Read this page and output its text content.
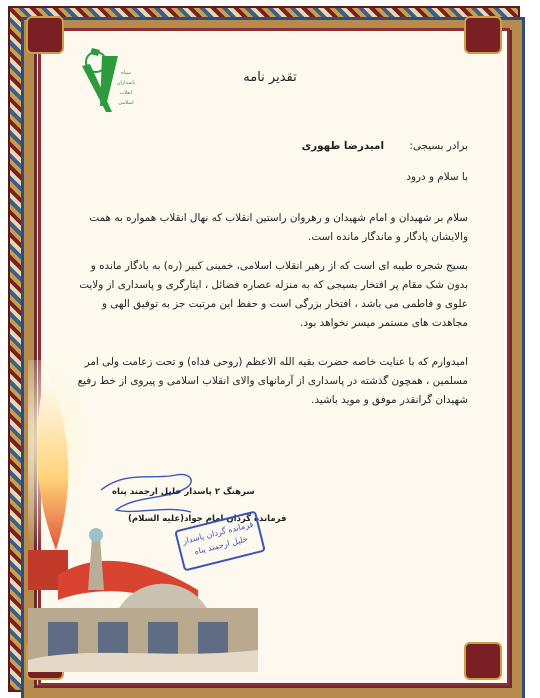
سپاه
پاسداران
انقلاب
اسلامی
تقدیر نامه
برادر بسیجی: امیدرضا طهوری
با سلام و درود
سلام بر شهیدان و امام شهیدان و رهروان راستین انقلاب که نهال انقلاب همواره به همت والایشان پادگار و ماندگار مانده است.
بسیج شجره طیبه ای است که از رهبر انقلاب اسلامی، خمینی کبیر (ره) به یادگار مانده و بدون شک مقام پر افتخار بسیجی که به منزله عصاره فضائل ، ایثارگری و پاسداری از ولایت علوی و فاطمی می باشد ، افتخار بزرگی است و حفظ این مرتبت جز به توفیق الهی و مجاهدت های مستمر میسر نخواهد بود.
امیدوارم که با عنایت خاصه حضرت بقیه الله الاعظم (روحی فداه) و تحت زعامت ولی امر مسلمین ، همچون گذشته در پاسداری از آرمانهای والای انقلاب اسلامی و پیروی از خط رفیع شهیدان گرانقدر موفق و موید باشید.
سرهنگ ۲ پاسدار خلیل ارجمند پناه
فرمانده گردان امام جواد(علیه السلام)
فرمانده گردان پاسدار خلیل ارجمند پناه
